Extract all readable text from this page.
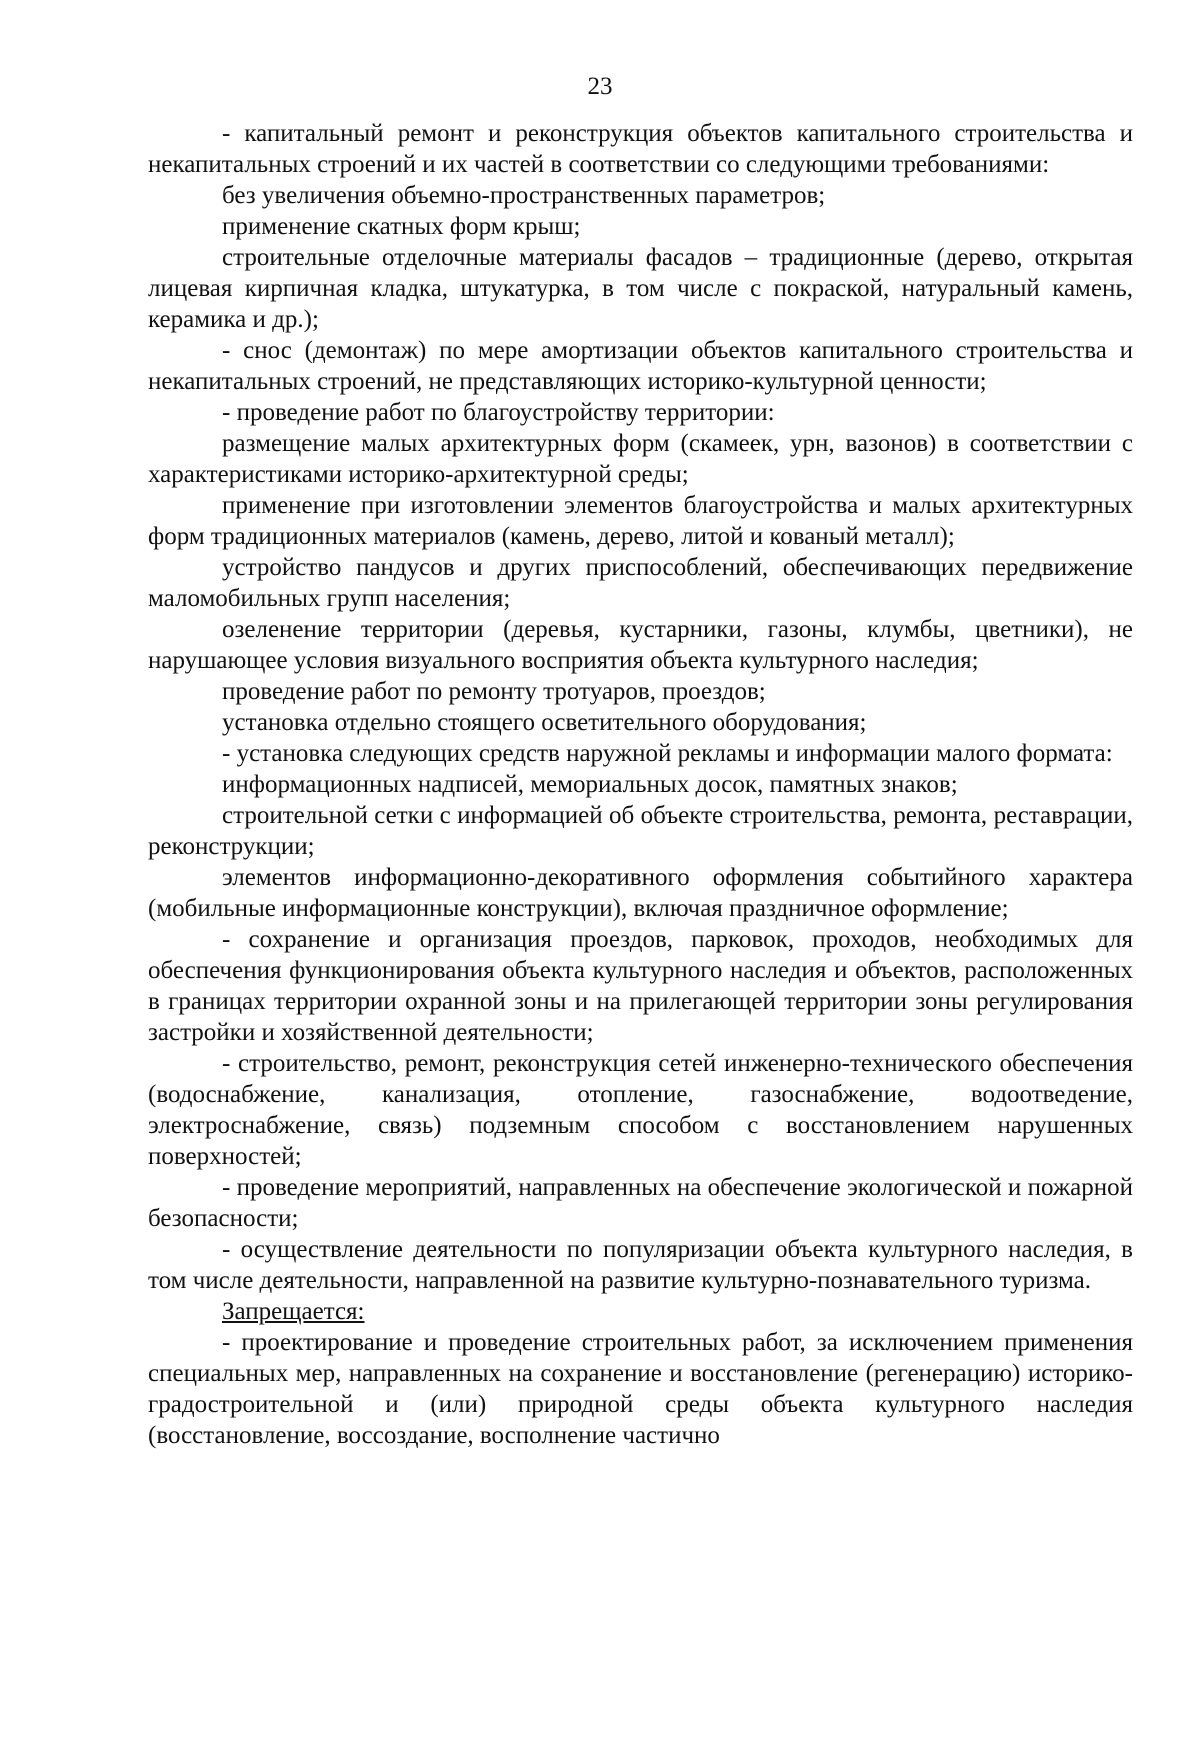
23

- капитальный ремонт и реконструкция объектов капитального строительства и некапитальных строений и их частей в соответствии со следующими требованиями:

без увеличения объемно-пространственных параметров;

применение скатных форм крыш;

строительные отделочные материалы фасадов – традиционные (дерево, открытая лицевая кирпичная кладка, штукатурка, в том числе с покраской, натуральный камень, керамика и др.);

- снос (демонтаж) по мере амортизации объектов капитального строительства и некапитальных строений, не представляющих историко-культурной ценности;

- проведение работ по благоустройству территории:

размещение малых архитектурных форм (скамеек, урн, вазонов) в соответствии с характеристиками историко-архитектурной среды;

применение при изготовлении элементов благоустройства и малых архитектурных форм традиционных материалов (камень, дерево, литой и кованый металл);

устройство пандусов и других приспособлений, обеспечивающих передвижение маломобильных групп населения;

озеленение территории (деревья, кустарники, газоны, клумбы, цветники), не нарушающее условия визуального восприятия объекта культурного наследия;

проведение работ по ремонту тротуаров, проездов;

установка отдельно стоящего осветительного оборудования;

- установка следующих средств наружной рекламы и информации малого формата:

информационных надписей, мемориальных досок, памятных знаков;

строительной сетки с информацией об объекте строительства, ремонта, реставрации, реконструкции;

элементов информационно-декоративного оформления событийного характера (мобильные информационные конструкции), включая праздничное оформление;

- сохранение и организация проездов, парковок, проходов, необходимых для обеспечения функционирования объекта культурного наследия и объектов, расположенных в границах территории охранной зоны и на прилегающей территории зоны регулирования застройки и хозяйственной деятельности;

- строительство, ремонт, реконструкция сетей инженерно-технического обеспечения (водоснабжение, канализация, отопление, газоснабжение, водоотведение, электроснабжение, связь) подземным способом с восстановлением нарушенных поверхностей;

- проведение мероприятий, направленных на обеспечение экологической и пожарной безопасности;

- осуществление деятельности по популяризации объекта культурного наследия, в том числе деятельности, направленной на развитие культурно-познавательного туризма.

Запрещается:

- проектирование и проведение строительных работ, за исключением применения специальных мер, направленных на сохранение и восстановление (регенерацию) историко-градостроительной и (или) природной среды объекта культурного наследия (восстановление, воссоздание, восполнение частично
